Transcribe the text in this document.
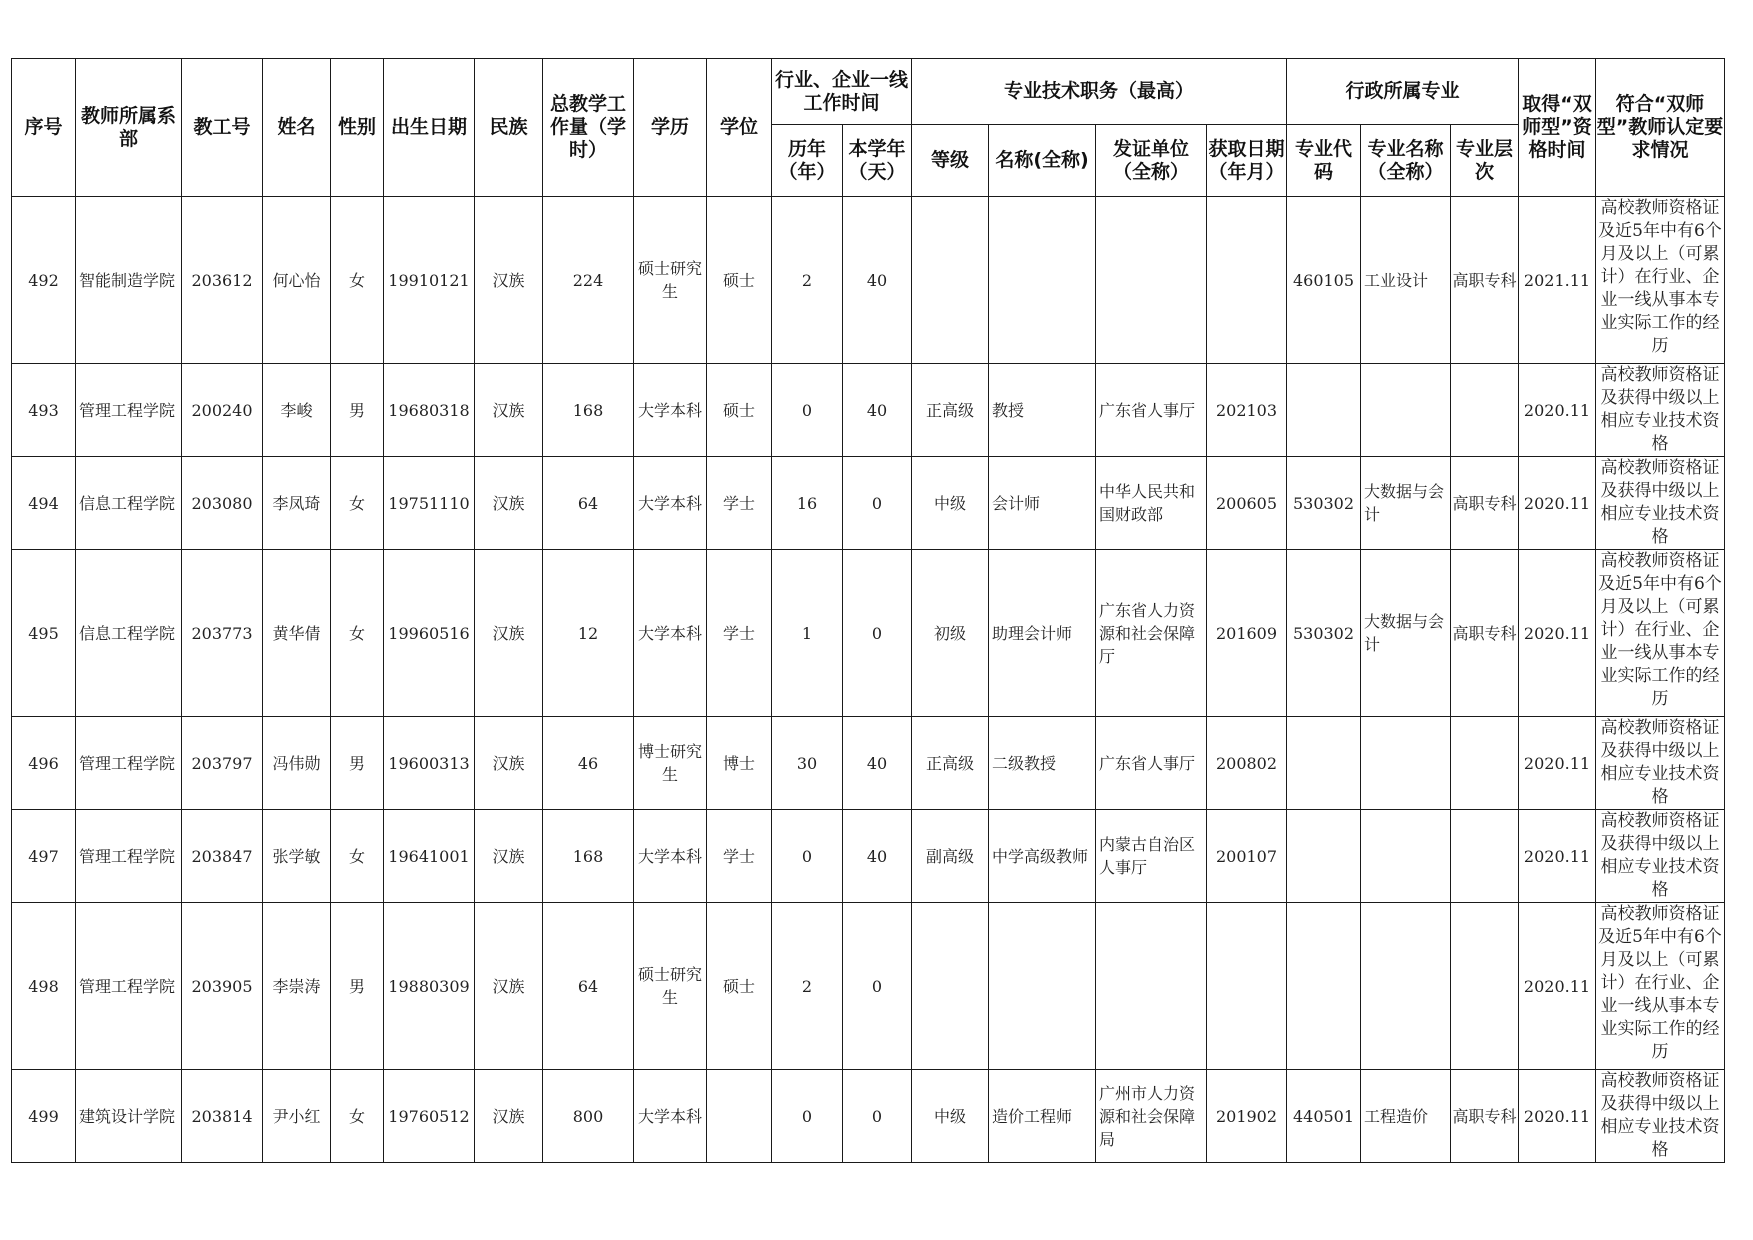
序号	教师所属系部	教工号	姓名	性别	出生日期	民族	总教学工作量（学时）	学历	学位	行业、企业一线工作时间		专业技术职务（最高）				行政所属专业			取得“双师型”资格时间	符合“双师型”教师认定要求情况

										历年（年）	本学年（天）	等级	名称(全称)	发证单位（全称）	获取日期（年月）	专业代码	专业名称（全称）	专业层次		

492	智能制造学院	203612	何心怡	女	19910121	汉族	224	硕士研究生	硕士	2	40					460105	工业设计	高职专科	2021.11	高校教师资格证及近5年中有6个月及以上（可累计）在行业、企业一线从事本专业实际工作的经历

493	管理工程学院	200240	李峻	男	19680318	汉族	168	大学本科	硕士	0	40	正高级	教授	广东省人事厅	202103				2020.11	高校教师资格证及获得中级以上相应专业技术资格

494	信息工程学院	203080	李凤琦	女	19751110	汉族	64	大学本科	学士	16	0	中级	会计师	中华人民共和国财政部	200605	530302	大数据与会计	高职专科	2020.11	高校教师资格证及获得中级以上相应专业技术资格

495	信息工程学院	203773	黄华倩	女	19960516	汉族	12	大学本科	学士	1	0	初级	助理会计师	广东省人力资源和社会保障厅	201609	530302	大数据与会计	高职专科	2020.11	高校教师资格证及近5年中有6个月及以上（可累计）在行业、企业一线从事本专业实际工作的经历

496	管理工程学院	203797	冯伟勋	男	19600313	汉族	46	博士研究生	博士	30	40	正高级	二级教授	广东省人事厅	200802				2020.11	高校教师资格证及获得中级以上相应专业技术资格

497	管理工程学院	203847	张学敏	女	19641001	汉族	168	大学本科	学士	0	40	副高级	中学高级教师	内蒙古自治区人事厅	200107				2020.11	高校教师资格证及获得中级以上相应专业技术资格

498	管理工程学院	203905	李崇涛	男	19880309	汉族	64	硕士研究生	硕士	2	0								2020.11	高校教师资格证及近5年中有6个月及以上（可累计）在行业、企业一线从事本专业实际工作的经历

499	建筑设计学院	203814	尹小红	女	19760512	汉族	800	大学本科		0	0	中级	造价工程师	广州市人力资源和社会保障局	201902	440501	工程造价	高职专科	2020.11	高校教师资格证及获得中级以上相应专业技术资格
